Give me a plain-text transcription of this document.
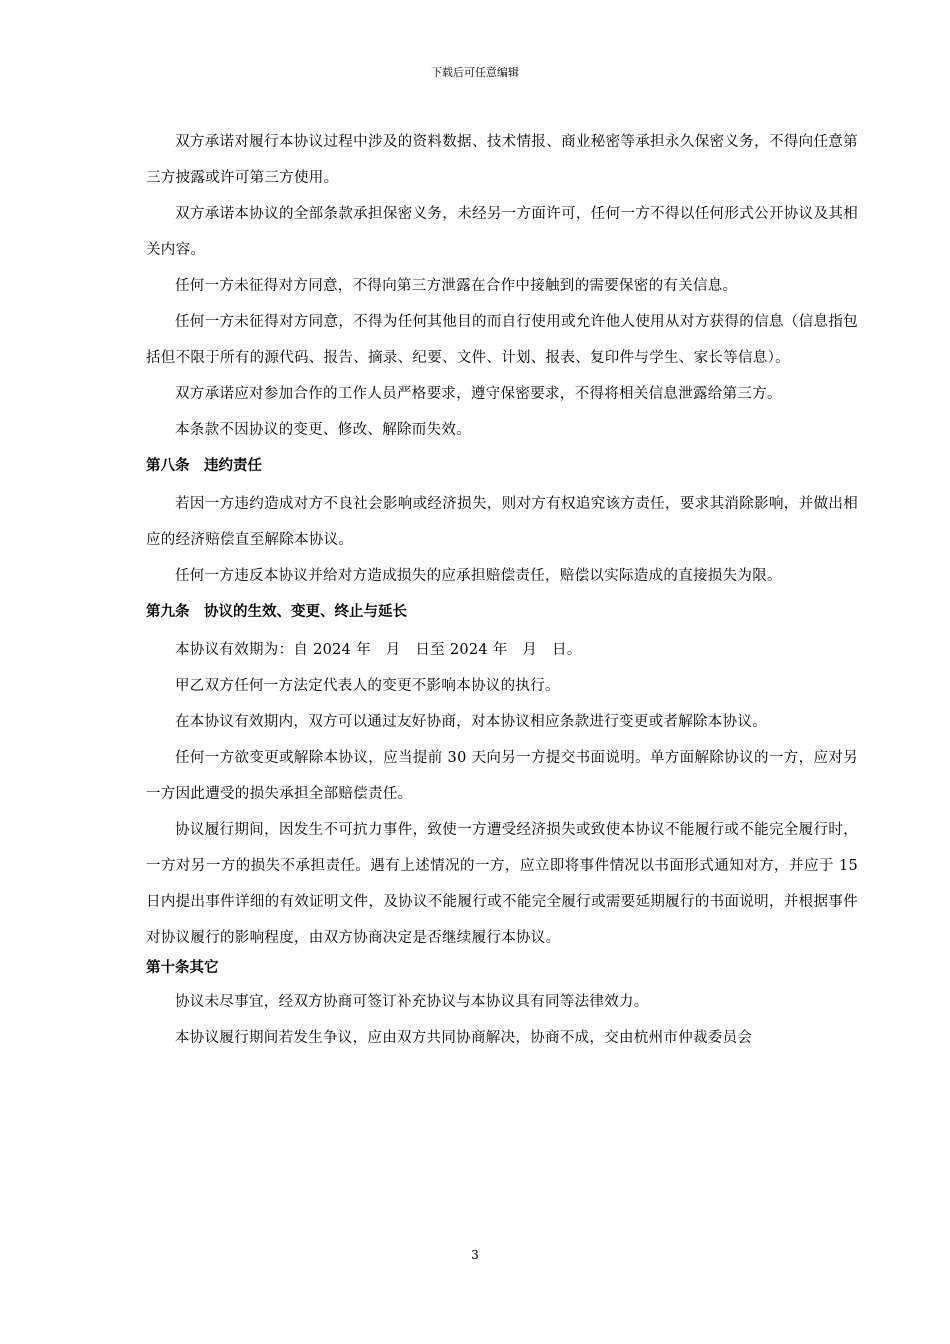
下载后可任意编辑

双方承诺对履行本协议过程中涉及的资料数据、技术情报、商业秘密等承担永久保密义务，不得向任意第三方披露或许可第三方使用。

双方承诺本协议的全部条款承担保密义务，未经另一方面许可，任何一方不得以任何形式公开协议及其相关内容。

任何一方未征得对方同意，不得向第三方泄露在合作中接触到的需要保密的有关信息。

任何一方未征得对方同意，不得为任何其他目的而自行使用或允许他人使用从对方获得的信息（信息指包括但不限于所有的源代码、报告、摘录、纪要、文件、计划、报表、复印件与学生、家长等信息）。

双方承诺应对参加合作的工作人员严格要求，遵守保密要求，不得将相关信息泄露给第三方。

本条款不因协议的变更、修改、解除而失效。

第八条　违约责任

若因一方违约造成对方不良社会影响或经济损失，则对方有权追究该方责任，要求其消除影响，并做出相应的经济赔偿直至解除本协议。

任何一方违反本协议并给对方造成损失的应承担赔偿责任，赔偿以实际造成的直接损失为限。

第九条　协议的生效、变更、终止与延长

本协议有效期为：自 2024 年　月　日至 2024 年　月　日。

甲乙双方任何一方法定代表人的变更不影响本协议的执行。

在本协议有效期内，双方可以通过友好协商，对本协议相应条款进行变更或者解除本协议。

任何一方欲变更或解除本协议，应当提前 30 天向另一方提交书面说明。单方面解除协议的一方，应对另一方因此遭受的损失承担全部赔偿责任。

协议履行期间，因发生不可抗力事件，致使一方遭受经济损失或致使本协议不能履行或不能完全履行时，一方对另一方的损失不承担责任。遇有上述情况的一方，应立即将事件情况以书面形式通知对方，并应于 15 日内提出事件详细的有效证明文件，及协议不能履行或不能完全履行或需要延期履行的书面说明，并根据事件对协议履行的影响程度，由双方协商决定是否继续履行本协议。

第十条其它

协议未尽事宜，经双方协商可签订补充协议与本协议具有同等法律效力。

本协议履行期间若发生争议，应由双方共同协商解决，协商不成，交由杭州市仲裁委员会

3
